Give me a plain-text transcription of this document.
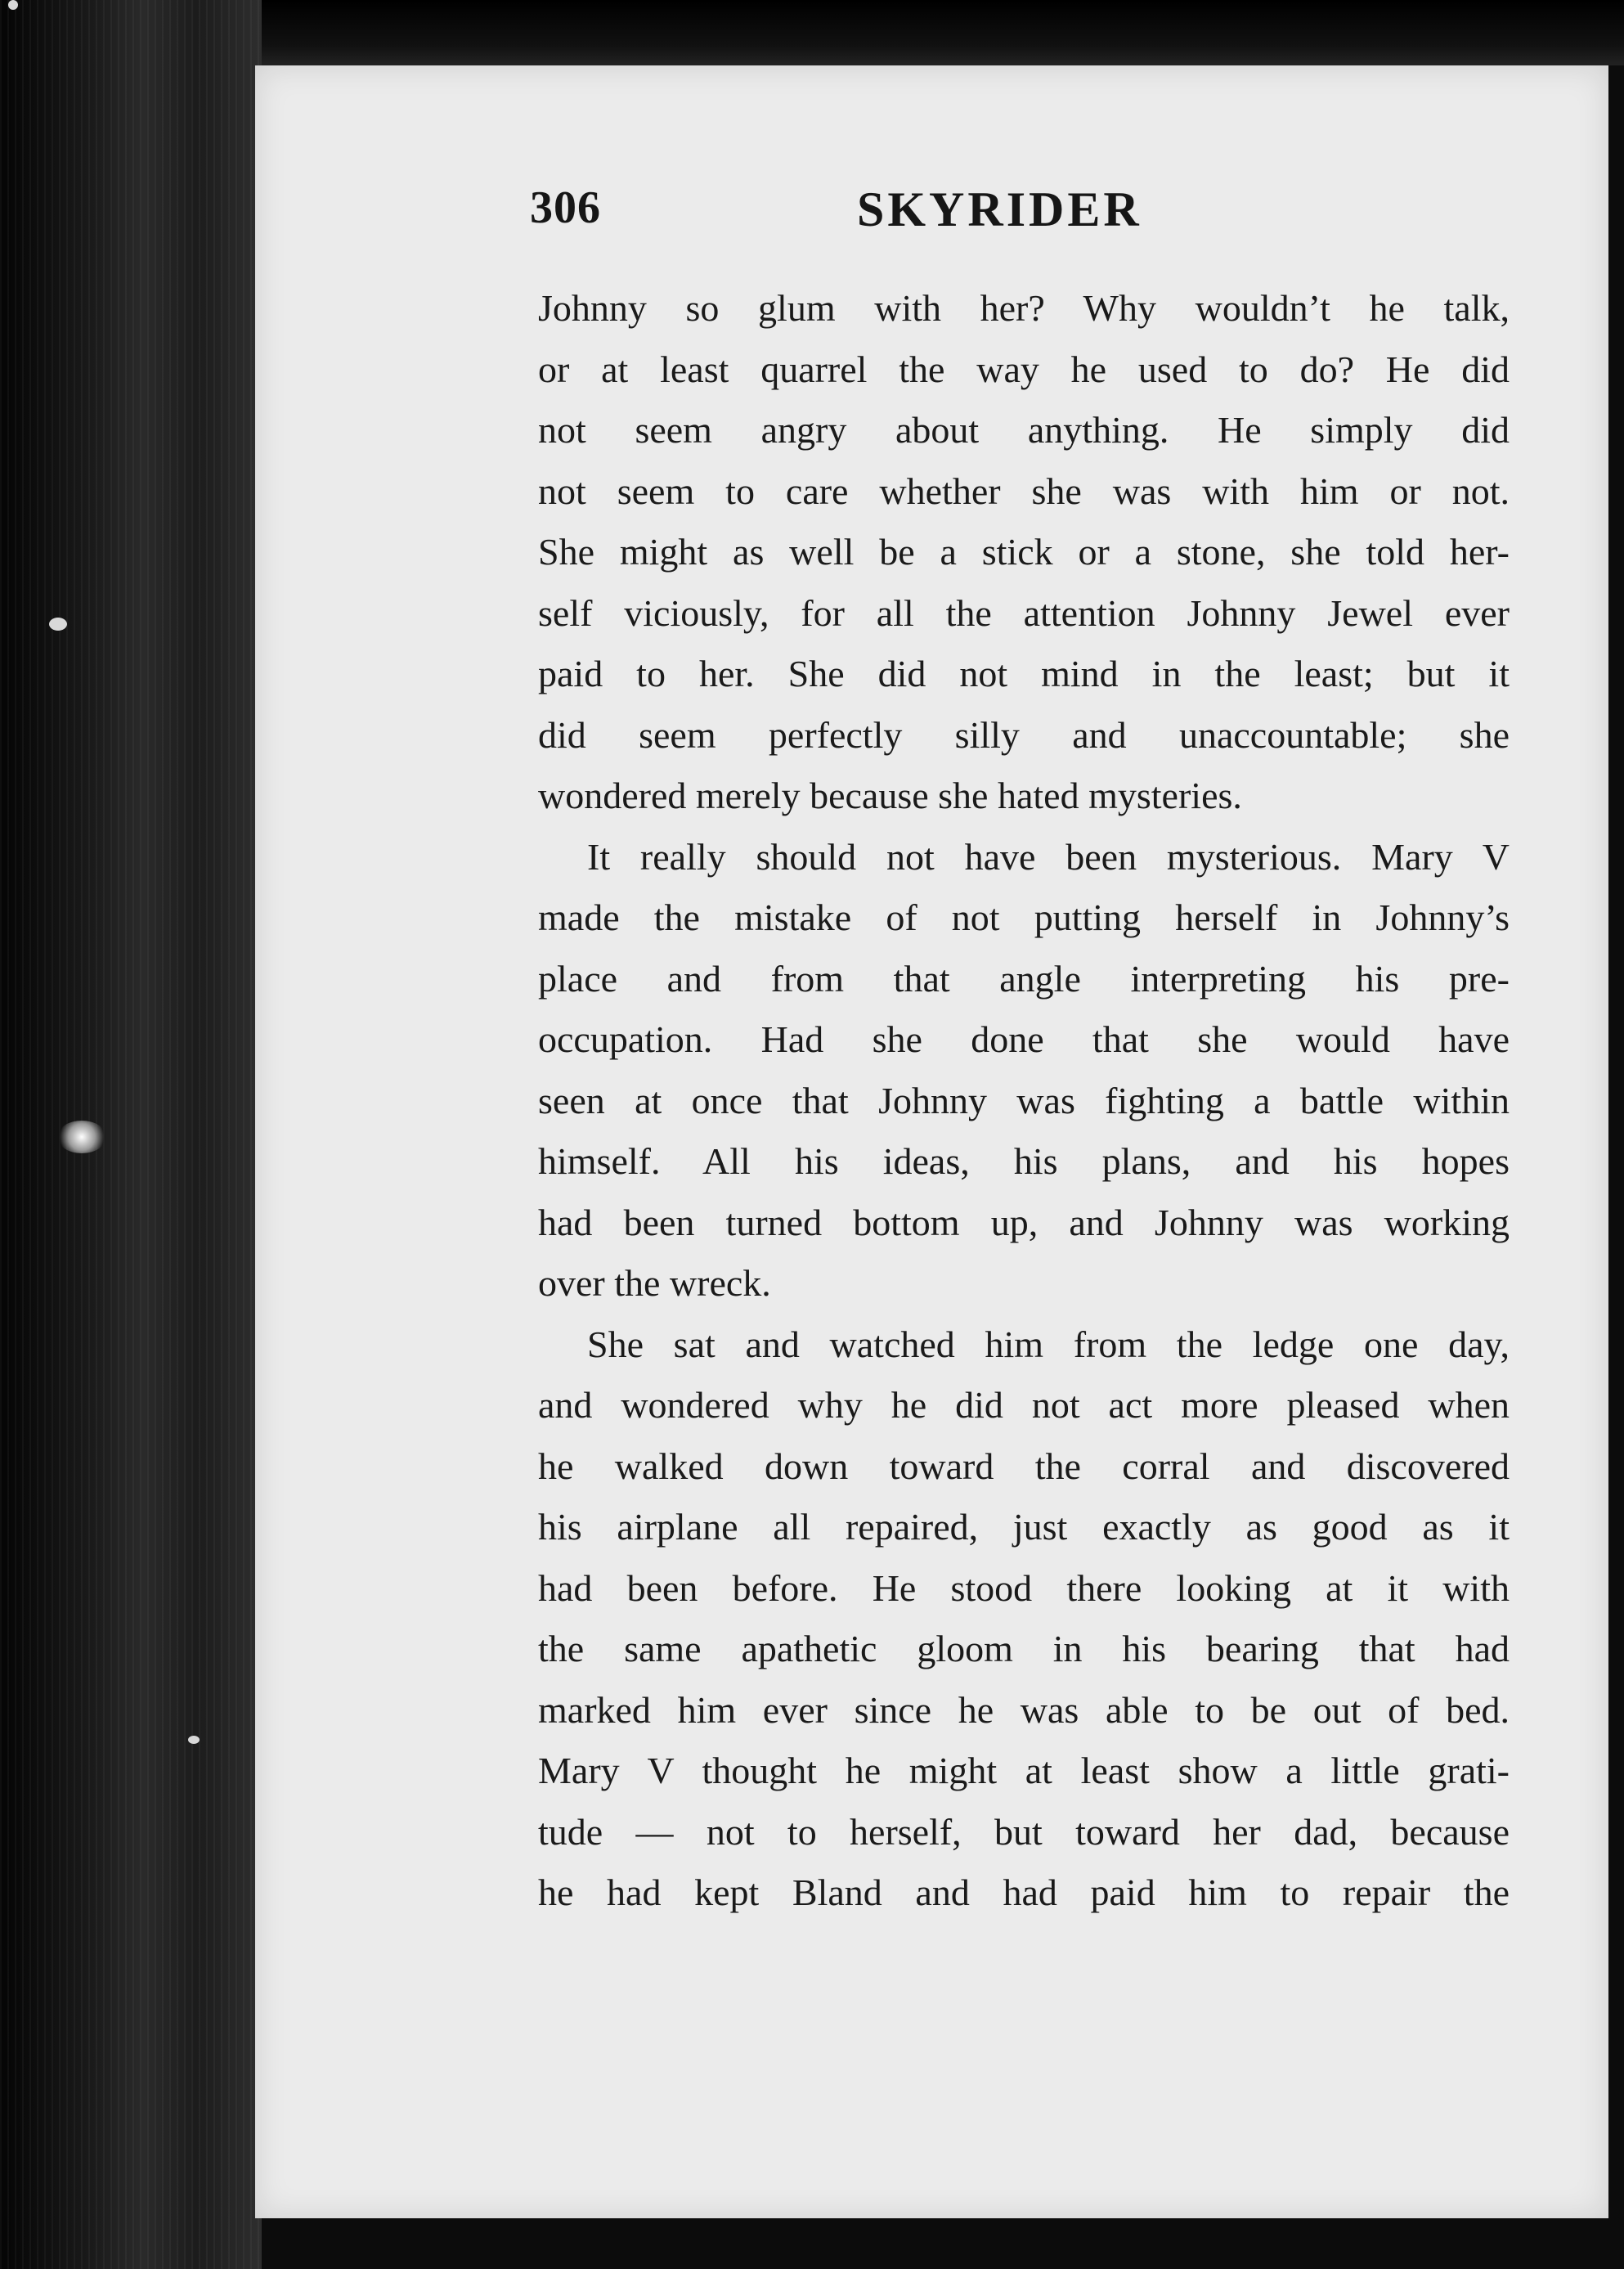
306	SKYRIDER
Johnny so glum with her? Why wouldn’t he talk,
or at least quarrel the way he used to do? He did
not seem angry about anything. He simply did
not seem to care whether she was with him or not.
She might as well be a stick or a stone, she told her-
self viciously, for all the attention Johnny Jewel ever
paid to her. She did not mind in the least; but it
did seem perfectly silly and unaccountable; she
wondered merely because she hated mysteries.
It really should not have been mysterious. Mary V
made the mistake of not putting herself in Johnny’s
place and from that angle interpreting his pre-
occupation. Had she done that she would have
seen at once that Johnny was fighting a battle within
himself. All his ideas, his plans, and his hopes
had been turned bottom up, and Johnny was working
over the wreck.
She sat and watched him from the ledge one day,
and wondered why he did not act more pleased when
he walked down toward the corral and discovered
his airplane all repaired, just exactly as good as it
had been before. He stood there looking at it with
the same apathetic gloom in his bearing that had
marked him ever since he was able to be out of bed.
Mary V thought he might at least show a little grati-
tude — not to herself, but toward her dad, because
he had kept Bland and had paid him to repair the
